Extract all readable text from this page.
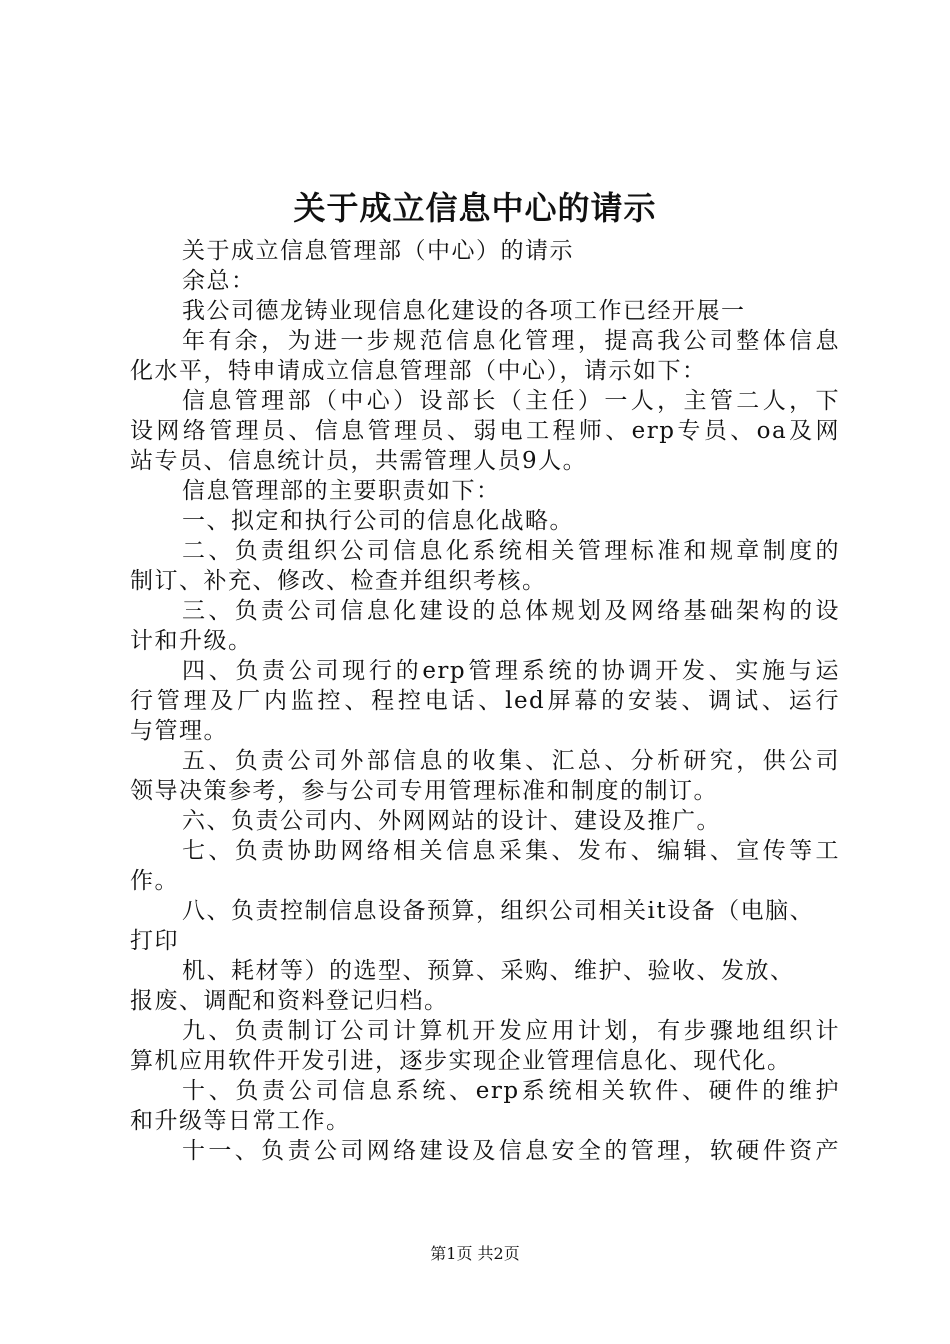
关于成立信息中心的请示
关于成立信息管理部（中心）的请示
余总：
我公司德龙铸业现信息化建设的各项工作已经开展一
年有余，为进一步规范信息化管理，提高我公司整体信息
化水平，特申请成立信息管理部（中心），请示如下：
信息管理部（中心）设部长（主任）一人，主管二人，下
设网络管理员、信息管理员、弱电工程师、erp专员、oa及网
站专员、信息统计员，共需管理人员9人。
信息管理部的主要职责如下：
一、拟定和执行公司的信息化战略。
二、负责组织公司信息化系统相关管理标准和规章制度的
制订、补充、修改、检查并组织考核。
三、负责公司信息化建设的总体规划及网络基础架构的设
计和升级。
四、负责公司现行的erp管理系统的协调开发、实施与运
行管理及厂内监控、程控电话、led屏幕的安装、调试、运行
与管理。
五、负责公司外部信息的收集、汇总、分析研究，供公司
领导决策参考，参与公司专用管理标准和制度的制订。
六、负责公司内、外网网站的设计、建设及推广。
七、负责协助网络相关信息采集、发布、编辑、宣传等工
作。
八、负责控制信息设备预算，组织公司相关it设备（电脑、
打印
机、耗材等）的选型、预算、采购、维护、验收、发放、
报废、调配和资料登记归档。
九、负责制订公司计算机开发应用计划，有步骤地组织计
算机应用软件开发引进，逐步实现企业管理信息化、现代化。
十、负责公司信息系统、erp系统相关软件、硬件的维护
和升级等日常工作。
十一、负责公司网络建设及信息安全的管理，软硬件资产
第1页 共2页
